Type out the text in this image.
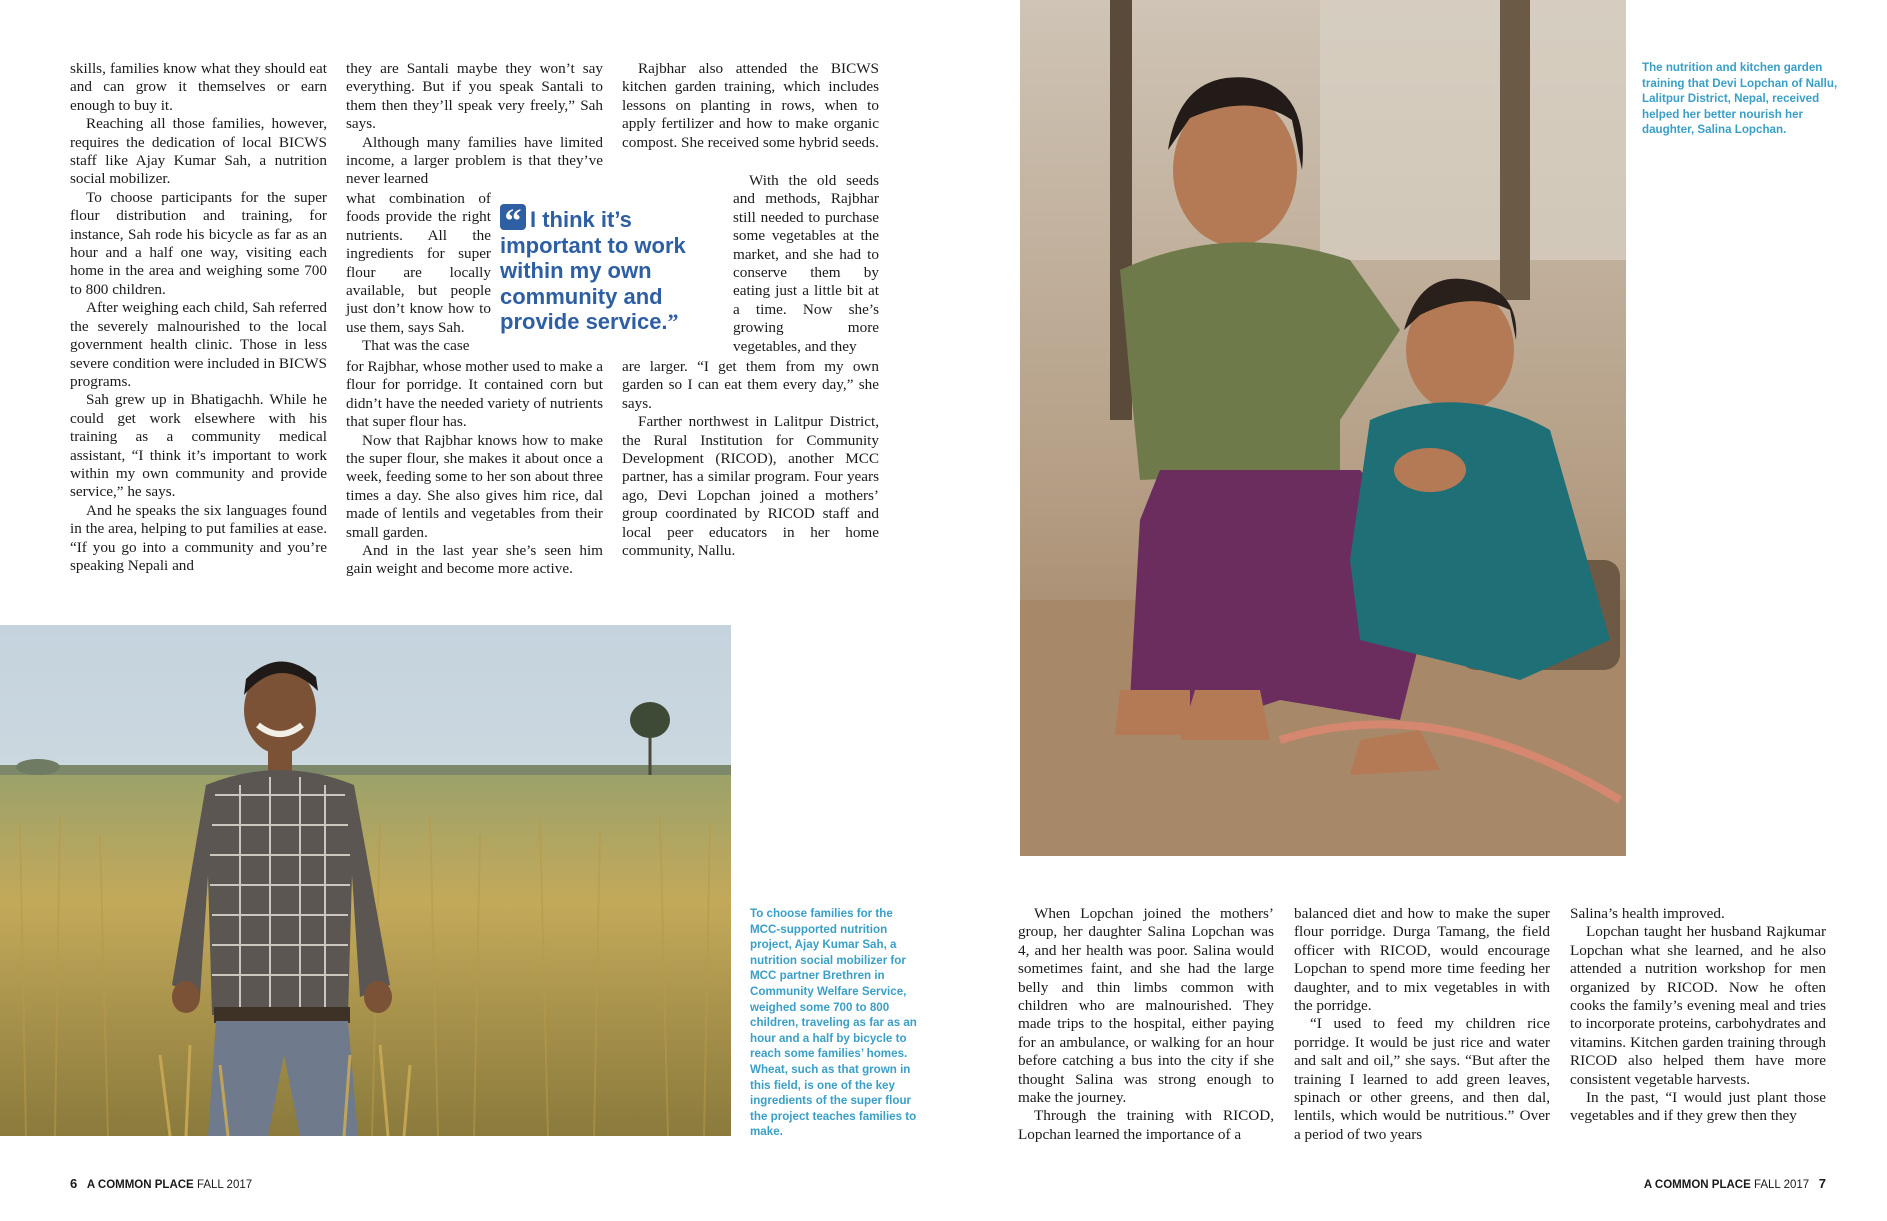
skills, families know what they should eat and can grow it themselves or earn enough to buy it.

Reaching all those families, however, requires the dedication of local BICWS staff like Ajay Kumar Sah, a nutrition social mobilizer.

To choose participants for the super flour distribution and training, for instance, Sah rode his bicycle as far as an hour and a half one way, visiting each home in the area and weighing some 700 to 800 children.

After weighing each child, Sah referred the severely malnourished to the local government health clinic. Those in less severe condition were included in BICWS programs.

Sah grew up in Bhatigachh. While he could get work elsewhere with his training as a community medical assistant, “I think it’s important to work within my own community and provide service,” he says.

And he speaks the six languages found in the area, helping to put families at ease. “If you go into a community and you’re speaking Nepali and

they are Santali maybe they won’t say everything. But if you speak Santali to them then they’ll speak very freely,” Sah says.

Although many families have limited income, a larger problem is that they’ve never learned

what combination of foods provide the right nutrients. All the ingredients for super flour are locally available, but people just don’t know how to use them, says Sah.

That was the case

for Rajbhar, whose mother used to make a flour for porridge. It contained corn but didn’t have the needed variety of nutrients that super flour has.

Now that Rajbhar knows how to make the super flour, she makes it about once a week, feeding some to her son about three times a day. She also gives him rice, dal made of lentils and vegetables from their small garden.

And in the last year she’s seen him gain weight and become more active.

Rajbhar also attended the BICWS kitchen garden training, which includes lessons on planting in rows, when to apply fertilizer and how to make organic compost. She received some hybrid seeds.

With the old seeds and methods, Rajbhar still needed to purchase some vegetables at the market, and she had to conserve them by eating just a little bit at a time. Now she’s growing more vegetables, and they

are larger. “I get them from my own garden so I can eat them every day,” she says.

Farther northwest in Lalitpur District, the Rural Institution for Community Development (RICOD), another MCC partner, has a similar program. Four years ago, Devi Lopchan joined a mothers’ group coordinated by RICOD staff and local peer educators in her home community, Nallu.

“ I think it’s important to work within my own community and provide service.”
To choose families for the MCC-supported nutrition project, Ajay Kumar Sah, a nutrition social mobilizer for MCC partner Brethren in Community Welfare Service, weighed some 700 to 800 children, traveling as far as an hour and a half by bicycle to reach some families’ homes. Wheat, such as that grown in this field, is one of the key ingredients of the super flour the project teaches families to make.
6 A COMMON PLACE FALL 2017
The nutrition and kitchen garden training that Devi Lopchan of Nallu, Lalitpur District, Nepal, received helped her better nourish her daughter, Salina Lopchan.

When Lopchan joined the mothers’ group, her daughter Salina Lopchan was 4, and her health was poor. Salina would sometimes faint, and she had the large belly and thin limbs common with children who are malnourished. They made trips to the hospital, either paying for an ambulance, or walking for an hour before catching a bus into the city if she thought Salina was strong enough to make the journey.

Through the training with RICOD, Lopchan learned the importance of a

balanced diet and how to make the super flour porridge. Durga Tamang, the field officer with RICOD, would encourage Lopchan to spend more time feeding her daughter, and to mix vegetables in with the porridge.

“I used to feed my children rice porridge. It would be just rice and water and salt and oil,” she says. “But after the training I learned to add green leaves, spinach or other greens, and then dal, lentils, which would be nutritious.” Over a period of two years

Salina’s health improved.

Lopchan taught her husband Rajkumar Lopchan what she learned, and he also attended a nutrition workshop for men organized by RICOD. Now he often cooks the family’s evening meal and tries to incorporate proteins, carbohydrates and vitamins. Kitchen garden training through RICOD also helped them have more consistent vegetable harvests.

In the past, “I would just plant those vegetables and if they grew then they

A COMMON PLACE FALL 2017 7
